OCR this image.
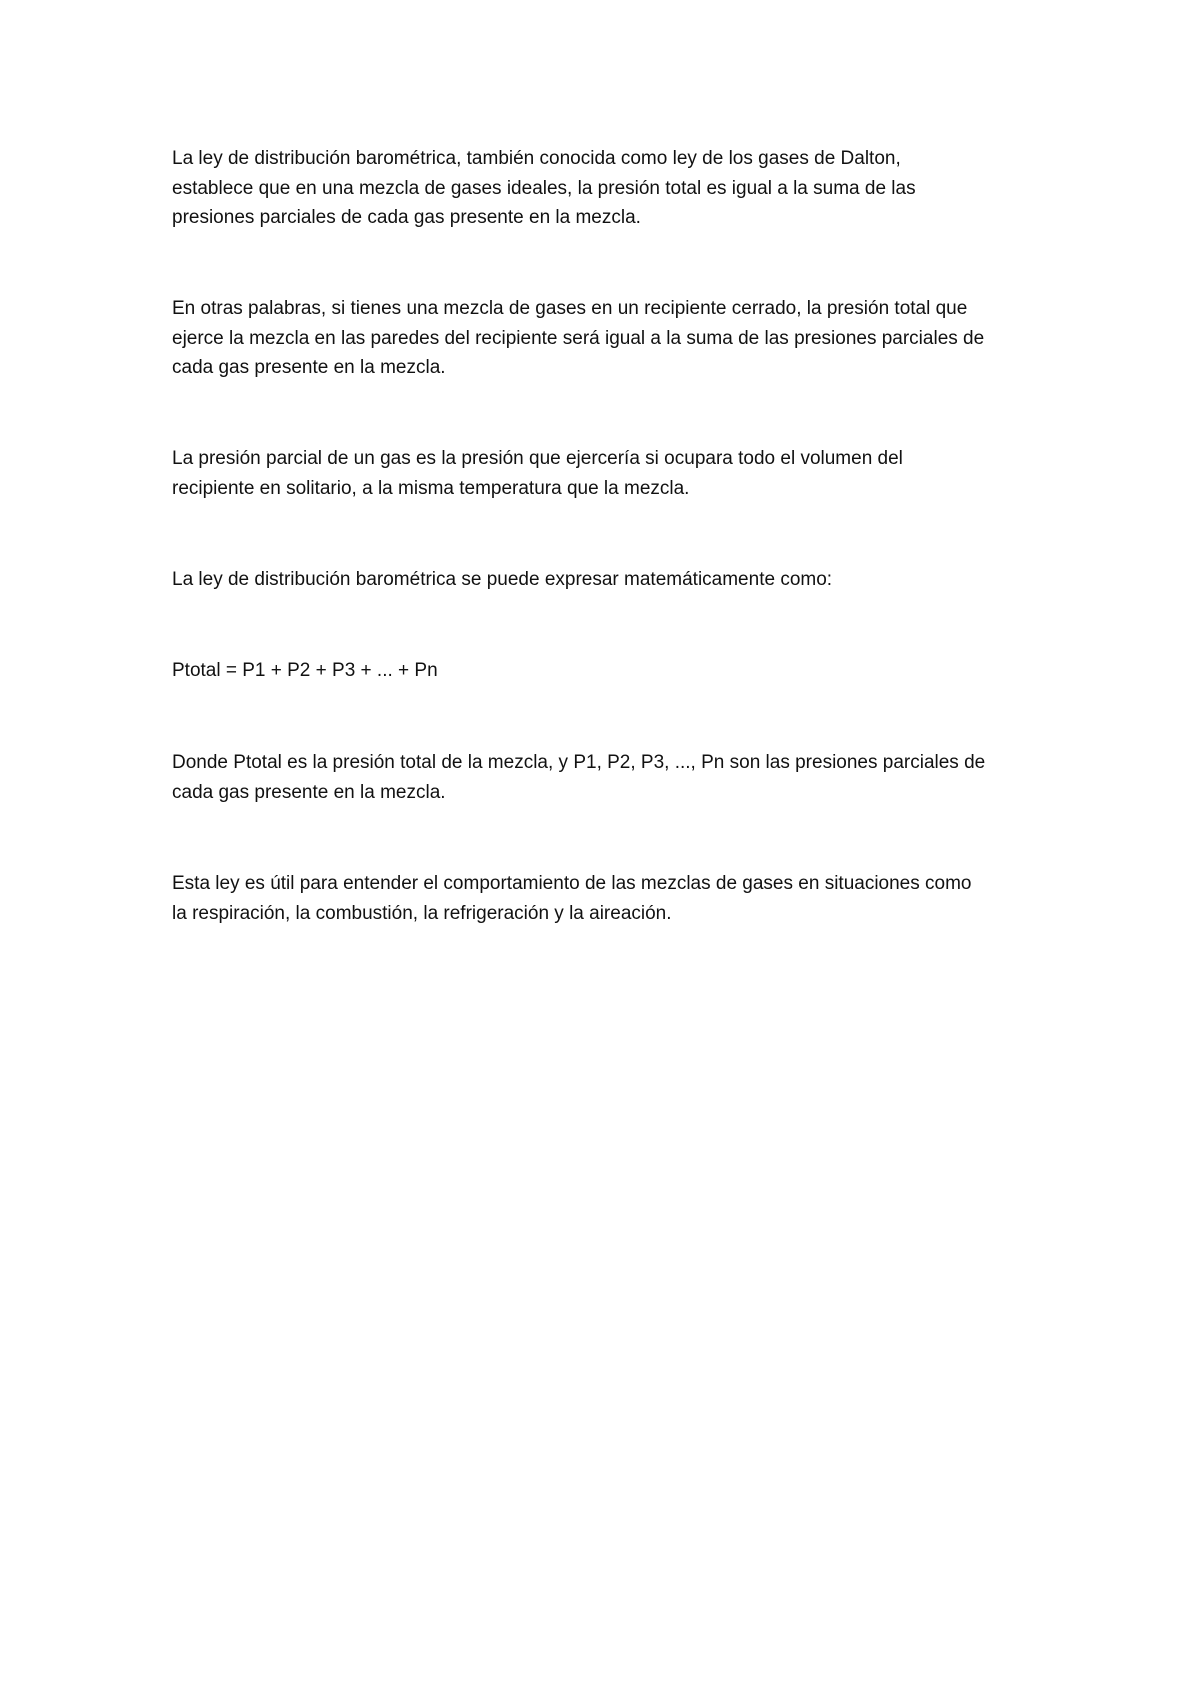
La ley de distribución barométrica, también conocida como ley de los gases de Dalton,
establece que en una mezcla de gases ideales, la presión total es igual a la suma de las
presiones parciales de cada gas presente en la mezcla.
En otras palabras, si tienes una mezcla de gases en un recipiente cerrado, la presión total que
ejerce la mezcla en las paredes del recipiente será igual a la suma de las presiones parciales de
cada gas presente en la mezcla.
La presión parcial de un gas es la presión que ejercería si ocupara todo el volumen del
recipiente en solitario, a la misma temperatura que la mezcla.
La ley de distribución barométrica se puede expresar matemáticamente como:
Ptotal = P1 + P2 + P3 + ... + Pn
Donde Ptotal es la presión total de la mezcla, y P1, P2, P3, ..., Pn son las presiones parciales de
cada gas presente en la mezcla.
Esta ley es útil para entender el comportamiento de las mezclas de gases en situaciones como
la respiración, la combustión, la refrigeración y la aireación.
